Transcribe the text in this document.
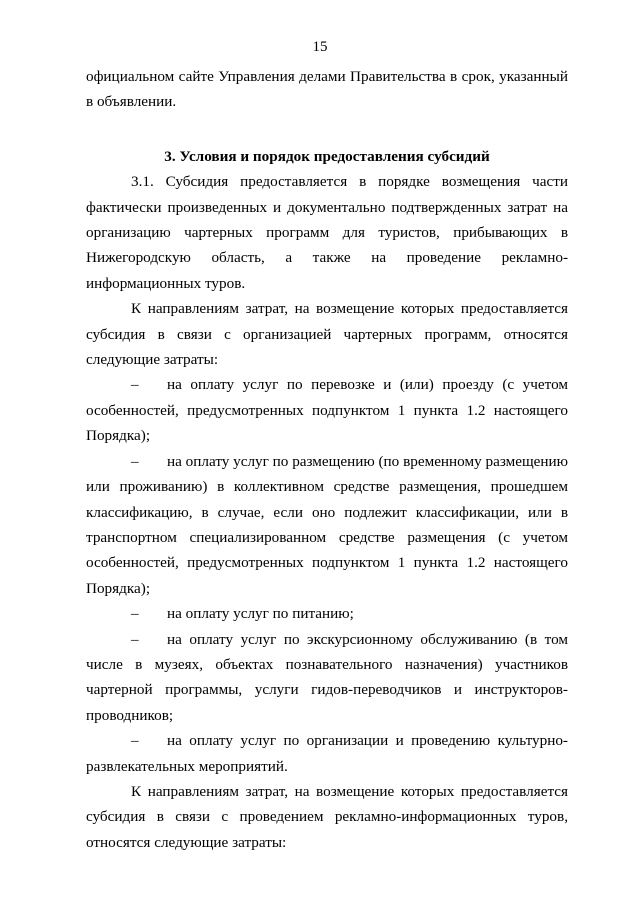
15

официальном сайте Управления делами Правительства в срок, указанный в объявлении.

3. Условия и порядок предоставления субсидий

3.1. Субсидия предоставляется в порядке возмещения части фактически произведенных и документально подтвержденных затрат на организацию чартерных программ для туристов, прибывающих в Нижегородскую область, а также на проведение рекламно-информационных туров.

К направлениям затрат, на возмещение которых предоставляется субсидия в связи с организацией чартерных программ, относятся следующие затраты:

– на оплату услуг по перевозке и (или) проезду (с учетом особенностей, предусмотренных подпунктом 1 пункта 1.2 настоящего Порядка);

– на оплату услуг по размещению (по временному размещению или проживанию) в коллективном средстве размещения, прошедшем классификацию, в случае, если оно подлежит классификации, или в транспортном специализированном средстве размещения (с учетом особенностей, предусмотренных подпунктом 1 пункта 1.2 настоящего Порядка);

– на оплату услуг по питанию;

– на оплату услуг по экскурсионному обслуживанию (в том числе в музеях, объектах познавательного назначения) участников чартерной программы, услуги гидов-переводчиков и инструкторов-проводников;

– на оплату услуг по организации и проведению культурно-развлекательных мероприятий.

К направлениям затрат, на возмещение которых предоставляется субсидия в связи с проведением рекламно-информационных туров, относятся следующие затраты:
